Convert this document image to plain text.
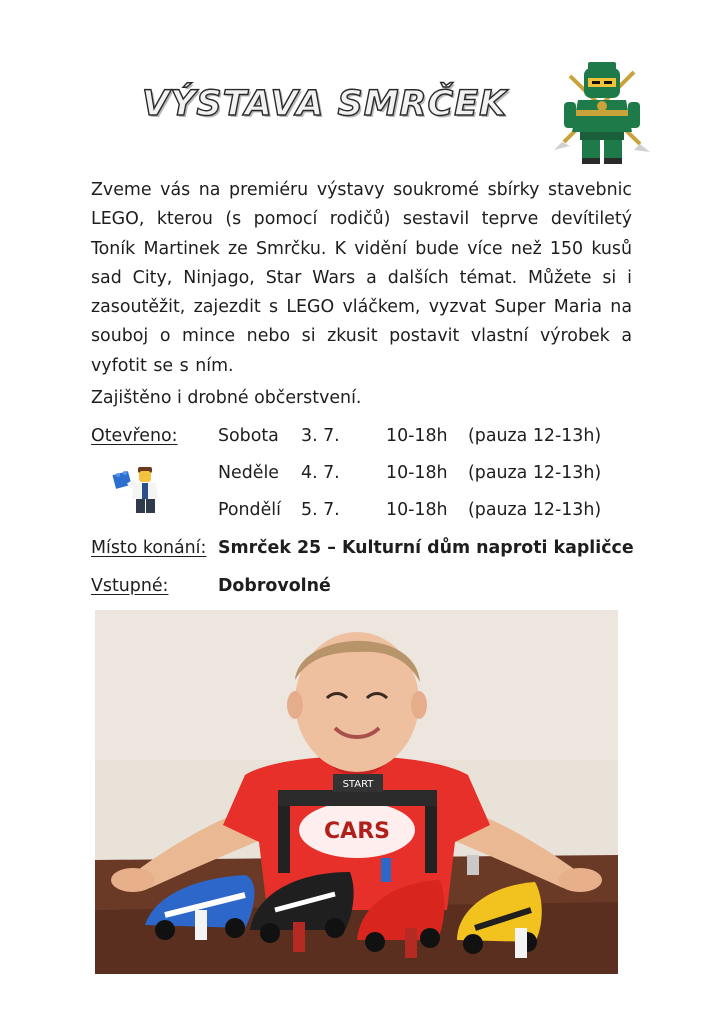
VÝSTAVA SMRČEK

Zveme vás na premiéru výstavy soukromé sbírky stavebnic LEGO, kterou (s pomocí rodičů) sestavil teprve devítiletý Toník Martinek ze Smrčku. K vidění bude více než 150 kusů sad City, Ninjago, Star Wars a dalších témat. Můžete si i zasoutěžit, zajezdit s LEGO vláčkem, vyzvat Super Maria na souboj o mince nebo si zkusit postavit vlastní výrobek a vyfotit se s ním.

Zajištěno i drobné občerstvení.
Otevřeno: Sobota 3. 7.	10-18h (pauza 12-13h)
Neděle 4. 7.	10-18h (pauza 12-13h)
Pondělí 5. 7.	10-18h (pauza 12-13h)
Místo konání: Smrček 25 – Kulturní dům naproti kapličce
Vstupné:	Dobrovolné
CARS
START
